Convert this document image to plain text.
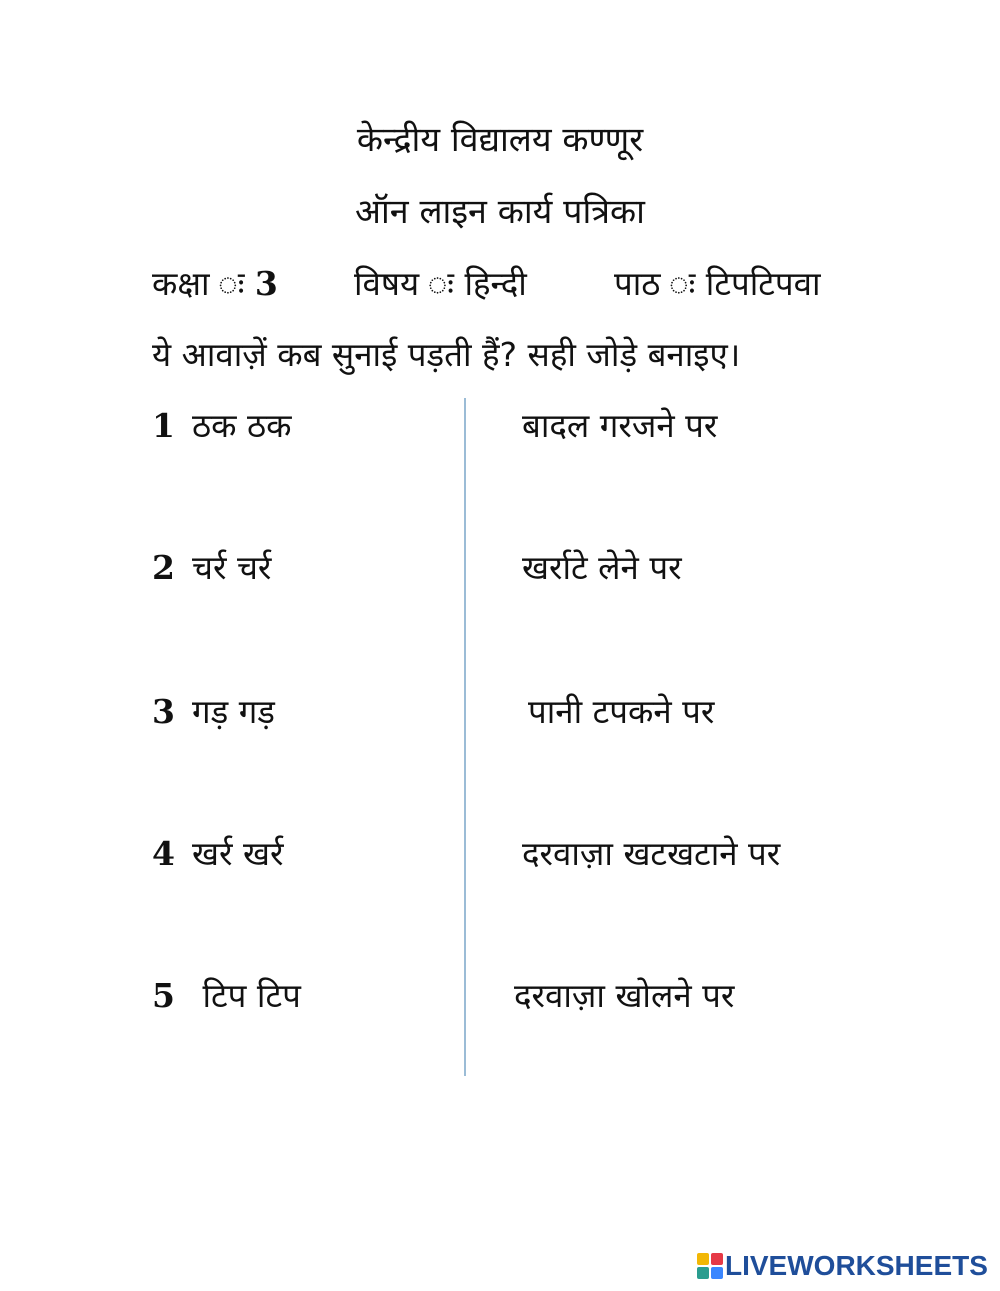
केन्द्रीय विद्यालय कण्णूर
ऑन लाइन कार्य पत्रिका
कक्षा ः 3 विषय ः हिन्दी	पाठ ः टिपटिपवा
ये आवाज़ें कब सुनाई पड़ती हैं? सही जोड़े बनाइए।
1 ठक ठक
2 चर्र चर्र
3 गड़ गड़
4 खर्र खर्र
5 टिप टिप
बादल गरजने पर
खर्राटे लेने पर
पानी टपकने पर
दरवाज़ा खटखटाने पर
दरवाज़ा खोलने पर
LIVEWORKSHEETS
